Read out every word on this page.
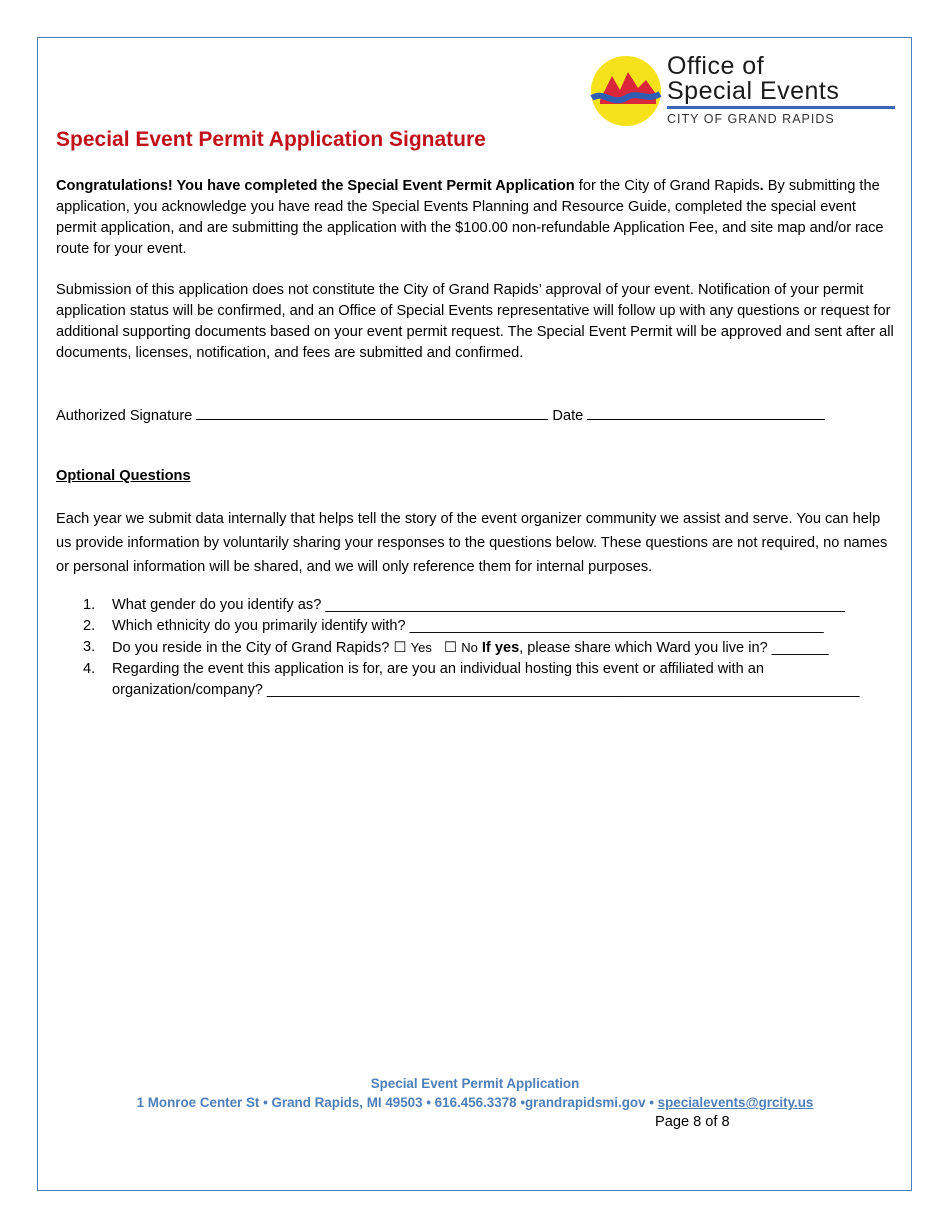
Office of
Special Events
CITY OF GRAND RAPIDS
Special Event Permit Application Signature
Congratulations! You have completed the Special Event Permit Application for the City of Grand Rapids. By submitting the application, you acknowledge you have read the Special Events Planning and Resource Guide, completed the special event permit application, and are submitting the application with the $100.00 non-refundable Application Fee, and site map and/or race route for your event.
Submission of this application does not constitute the City of Grand Rapids’ approval of your event. Notification of your permit application status will be confirmed, and an Office of Special Events representative will follow up with any questions or request for additional supporting documents based on your event permit request. The Special Event Permit will be approved and sent after all documents, licenses, notification, and fees are submitted and confirmed.
Authorized Signature	Date
Optional Questions
Each year we submit data internally that helps tell the story of the event organizer community we assist and serve. You can help us provide information by voluntarily sharing your responses to the questions below. These questions are not required, no names or personal information will be shared, and we will only reference them for internal purposes.
1.	What gender do you identify as? ________________________________________________________________
2.	Which ethnicity do you primarily identify with? ___________________________________________________
3.	Do you reside in the City of Grand Rapids? ☐ Yes ☐ No If yes, please share which Ward you live in? _______
4.	Regarding the event this application is for, are you an individual hosting this event or affiliated with an organization/company? _________________________________________________________________________
Special Event Permit Application
1 Monroe Center St • Grand Rapids, MI 49503 • 616.456.3378 •grandrapidsmi.gov • specialevents@grcity.us
Page 8 of 8
